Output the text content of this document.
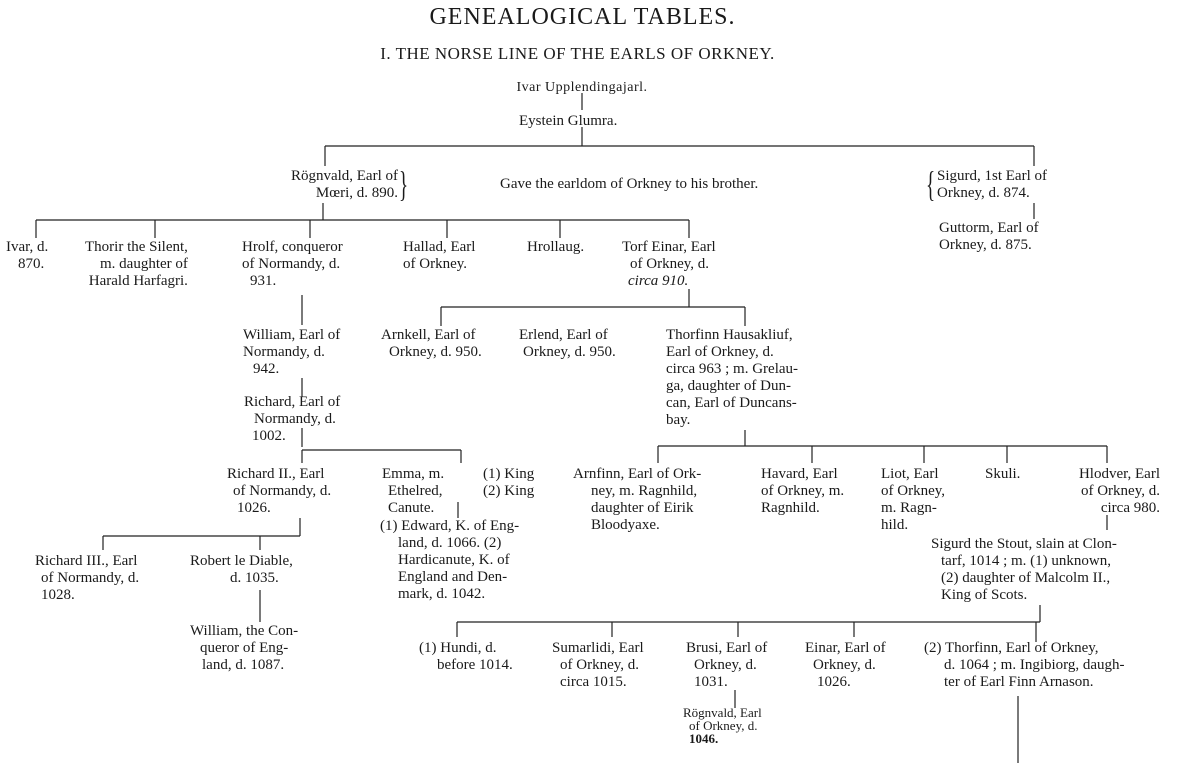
GENEALOGICAL TABLES.
I. THE NORSE LINE OF THE EARLS OF ORKNEY.
Ivar Upplendingajarl.
Eystein Glumra.
Rögnvald, Earl of
Mœri, d. 890. }	Gave the earldom of Orkney to his brother.	{ Sigurd, 1st Earl of
Orkney, d. 874.
Guttorm, Earl of
Orkney, d. 875.
Ivar, d.
870.
Thorir the Silent,
m. daughter of
Harald Harfagri.
Hrolf, conqueror
of Normandy, d.
931.
Hallad, Earl
of Orkney.
Hrollaug.	Torf Einar, Earl
of Orkney, d.
circa 910.
William, Earl of
Normandy, d.
942.
Richard, Earl of
Normandy, d.
1002.
Richard II., Earl
of Normandy, d.
1026.
Emma, m.
Ethelred,
Canute.
(1) King
(2) King
(1) Edward, K. of Eng-
land, d. 1066. (2)
Hardicanute, K. of
England and Den-
mark, d. 1042.
Richard III., Earl
of Normandy, d.
1028.
Robert le Diable,
d. 1035.
William, the Con-
queror of Eng-
land, d. 1087.
Arnkell, Earl of
Orkney, d. 950.
Erlend, Earl of
Orkney, d. 950.
Thorfinn Hausakliuf,
Earl of Orkney, d.
circa 963 ; m. Grelau-
ga, daughter of Dun-
can, Earl of Duncans-
bay.
Arnfinn, Earl of Ork-
ney, m. Ragnhild,
daughter of Eirik
Bloodyaxe.
Havard, Earl
of Orkney, m.
Ragnhild.
Liot, Earl
of Orkney,
m. Ragn-
hild.
Skuli.	Hlodver, Earl
of Orkney, d.
circa 980.
Sigurd the Stout, slain at Clon-
tarf, 1014 ; m. (1) unknown,
(2) daughter of Malcolm II.,
King of Scots.
(1) Hundi, d.
before 1014.
Sumarlidi, Earl
of Orkney, d.
circa 1015.
Brusi, Earl of
Orkney, d.
1031.
Einar, Earl of
Orkney, d.
1026.
(2) Thorfinn, Earl of Orkney,
d. 1064 ; m. Ingibiorg, daugh-
ter of Earl Finn Arnason.
Rögnvald, Earl
of Orkney, d.
1046.
